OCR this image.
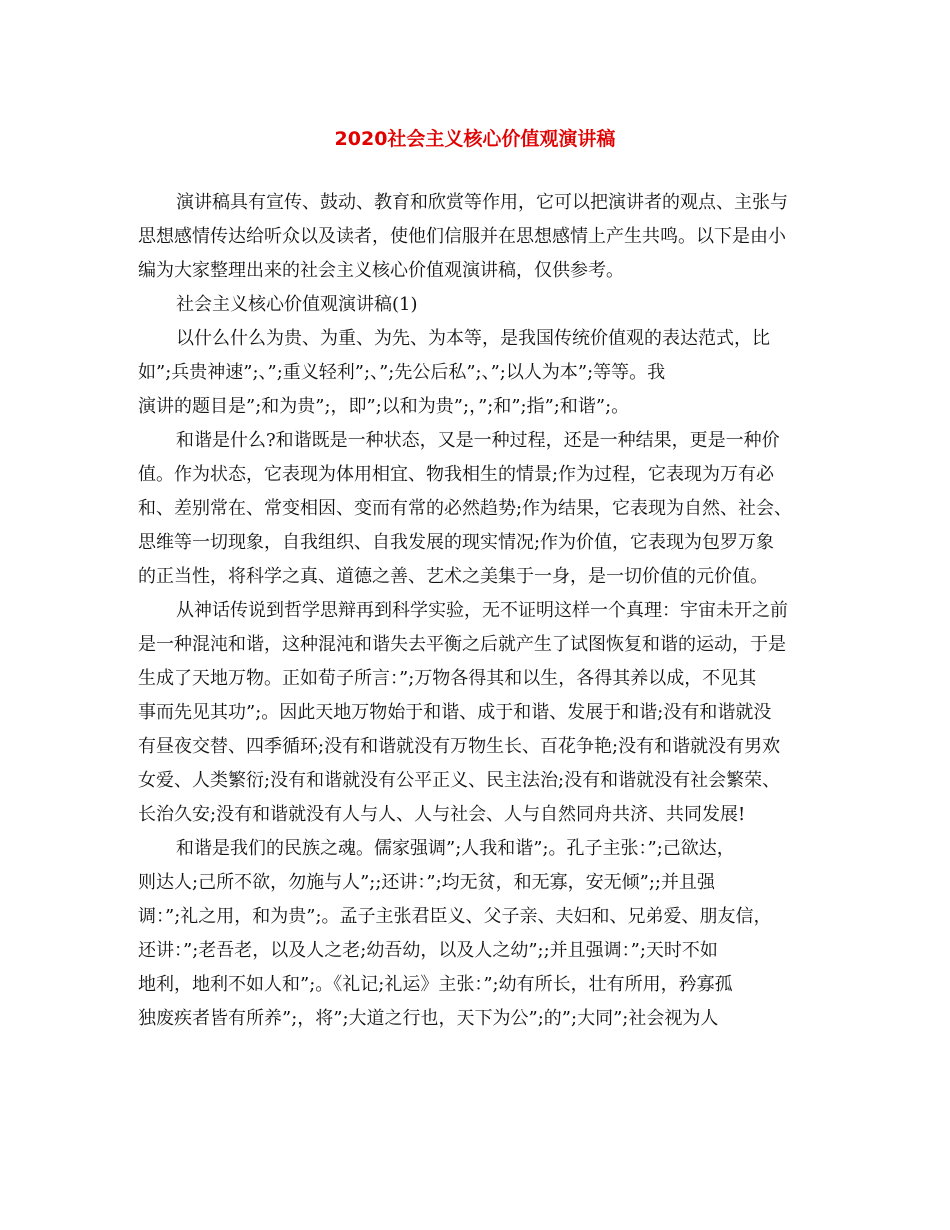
2020社会主义核心价值观演讲稿
演讲稿具有宣传、鼓动、教育和欣赏等作用，它可以把演讲者的观点、主张与
思想感情传达给听众以及读者，使他们信服并在思想感情上产生共鸣。以下是由小
编为大家整理出来的社会主义核心价值观演讲稿，仅供参考。
社会主义核心价值观演讲稿(1)
以什么什么为贵、为重、为先、为本等，是我国传统价值观的表达范式，比
如”;兵贵神速”;、”;重义轻利”;、”;先公后私”;、”;以人为本”;等等。我
演讲的题目是”;和为贵”;，即”;以和为贵”;，”;和”;指”;和谐”;。
和谐是什么?和谐既是一种状态，又是一种过程，还是一种结果，更是一种价
值。作为状态，它表现为体用相宜、物我相生的情景;作为过程，它表现为万有必
和、差别常在、常变相因、变而有常的必然趋势;作为结果，它表现为自然、社会、
思维等一切现象，自我组织、自我发展的现实情况;作为价值，它表现为包罗万象
的正当性，将科学之真、道德之善、艺术之美集于一身，是一切价值的元价值。
从神话传说到哲学思辩再到科学实验，无不证明这样一个真理：宇宙未开之前
是一种混沌和谐，这种混沌和谐失去平衡之后就产生了试图恢复和谐的运动，于是
生成了天地万物。正如荀子所言：”;万物各得其和以生，各得其养以成，不见其
事而先见其功”;。因此天地万物始于和谐、成于和谐、发展于和谐;没有和谐就没
有昼夜交替、四季循环;没有和谐就没有万物生长、百花争艳;没有和谐就没有男欢
女爱、人类繁衍;没有和谐就没有公平正义、民主法治;没有和谐就没有社会繁荣、
长治久安;没有和谐就没有人与人、人与社会、人与自然同舟共济、共同发展!
和谐是我们的民族之魂。儒家强调”;人我和谐”;。孔子主张：”;己欲达，
则达人;己所不欲，勿施与人”;;还讲：”;均无贫，和无寡，安无倾”;;并且强
调：”;礼之用，和为贵”;。孟子主张君臣义、父子亲、夫妇和、兄弟爱、朋友信，
还讲：”;老吾老，以及人之老;幼吾幼，以及人之幼”;;并且强调：”;天时不如
地利，地利不如人和”;。《礼记;礼运》主张：”;幼有所长，壮有所用，矜寡孤
独废疾者皆有所养”;，将”;大道之行也，天下为公”;的”;大同”;社会视为人
